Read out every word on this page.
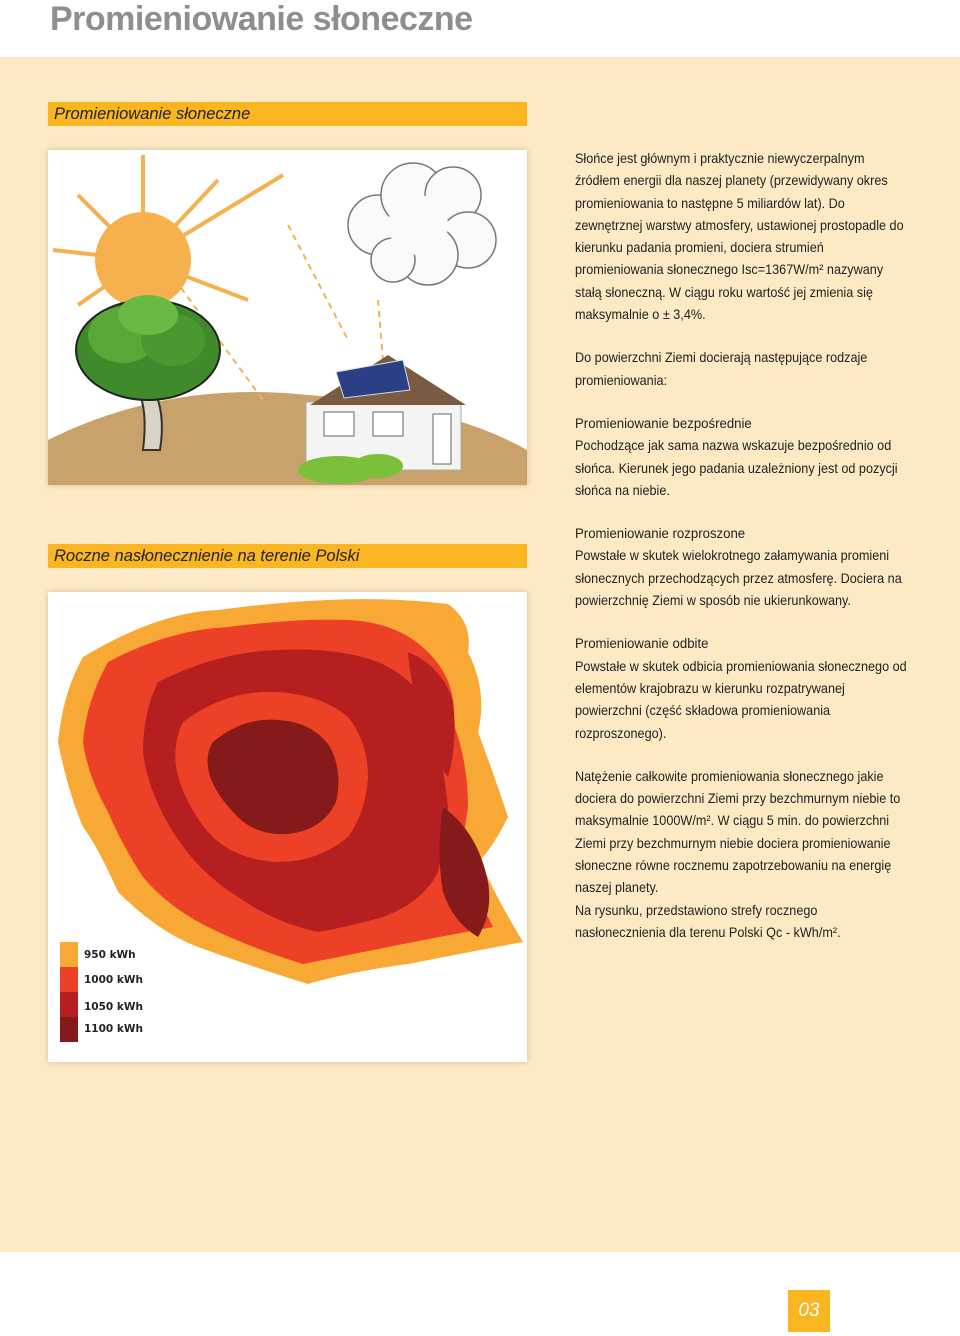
Promieniowanie słoneczne
Promieniowanie słoneczne
Roczne nasłonecznienie na terenie Polski
950 kWh
1000 kWh
1050 kWh
1100 kWh

Słońce jest głównym i praktycznie niewyczerpalnym źródłem energii dla naszej planety (przewidywany okres promieniowania to następne 5 miliardów lat). Do zewnętrznej warstwy atmosfery, ustawionej prostopadle do kierunku padania promieni, dociera strumień promieniowania słonecznego Isc=1367W/m² nazywany stałą słoneczną. W ciągu roku wartość jej zmienia się maksymalnie o ± 3,4%.

Do powierzchni Ziemi docierają następujące rodzaje promieniowania:

Promieniowanie bezpośrednie

Pochodzące jak sama nazwa wskazuje bezpośrednio od słońca. Kierunek jego padania uzależniony jest od pozycji słońca na niebie.

Promieniowanie rozproszone

Powstałe w skutek wielokrotnego załamywania promieni słonecznych przechodzących przez atmosferę. Dociera na powierzchnię Ziemi w sposób nie ukierunkowany.

Promieniowanie odbite

Powstałe w skutek odbicia promieniowania słonecznego od elementów krajobrazu w kierunku rozpatrywanej powierzchni (część składowa promieniowania rozproszonego).

Natężenie całkowite promieniowania słonecznego jakie dociera do powierzchni Ziemi przy bezchmurnym niebie to maksymalnie 1000W/m². W ciągu 5 min. do powierzchni Ziemi przy bezchmurnym niebie dociera promieniowanie słoneczne równe rocznemu zapotrzebowaniu na energię naszej planety.

Na rysunku, przedstawiono strefy rocznego nasłonecznienia dla terenu Polski Qc - kWh/m².

03
